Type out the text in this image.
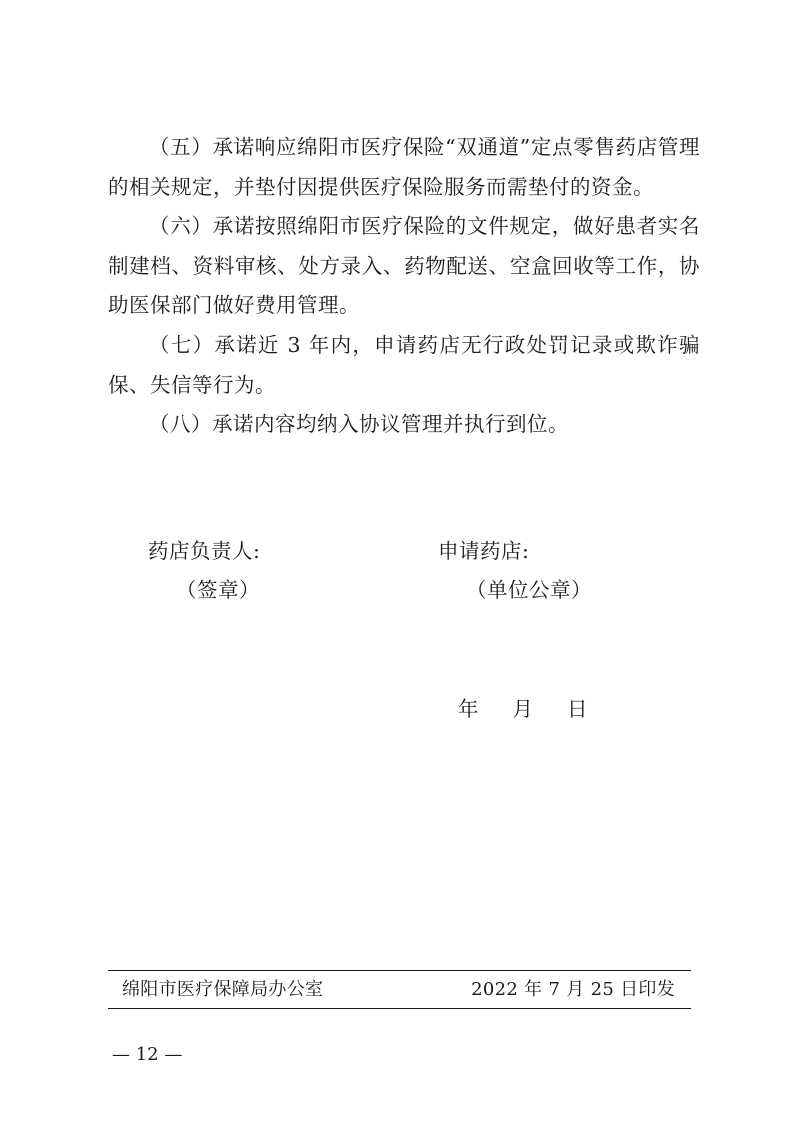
（五）承诺响应绵阳市医疗保险“双通道”定点零售药店管理的相关规定，并垫付因提供医疗保险服务而需垫付的资金。

（六）承诺按照绵阳市医疗保险的文件规定，做好患者实名制建档、资料审核、处方录入、药物配送、空盒回收等工作，协助医保部门做好费用管理。

（七）承诺近 3 年内，申请药店无行政处罚记录或欺诈骗保、失信等行为。

（八）承诺内容均纳入协议管理并执行到位。

药店负责人:
（签章）
申请药店:
（单位公章）
年 月 日
绵阳市医疗保障局办公室	2022 年 7 月 25 日印发
— 12 —
